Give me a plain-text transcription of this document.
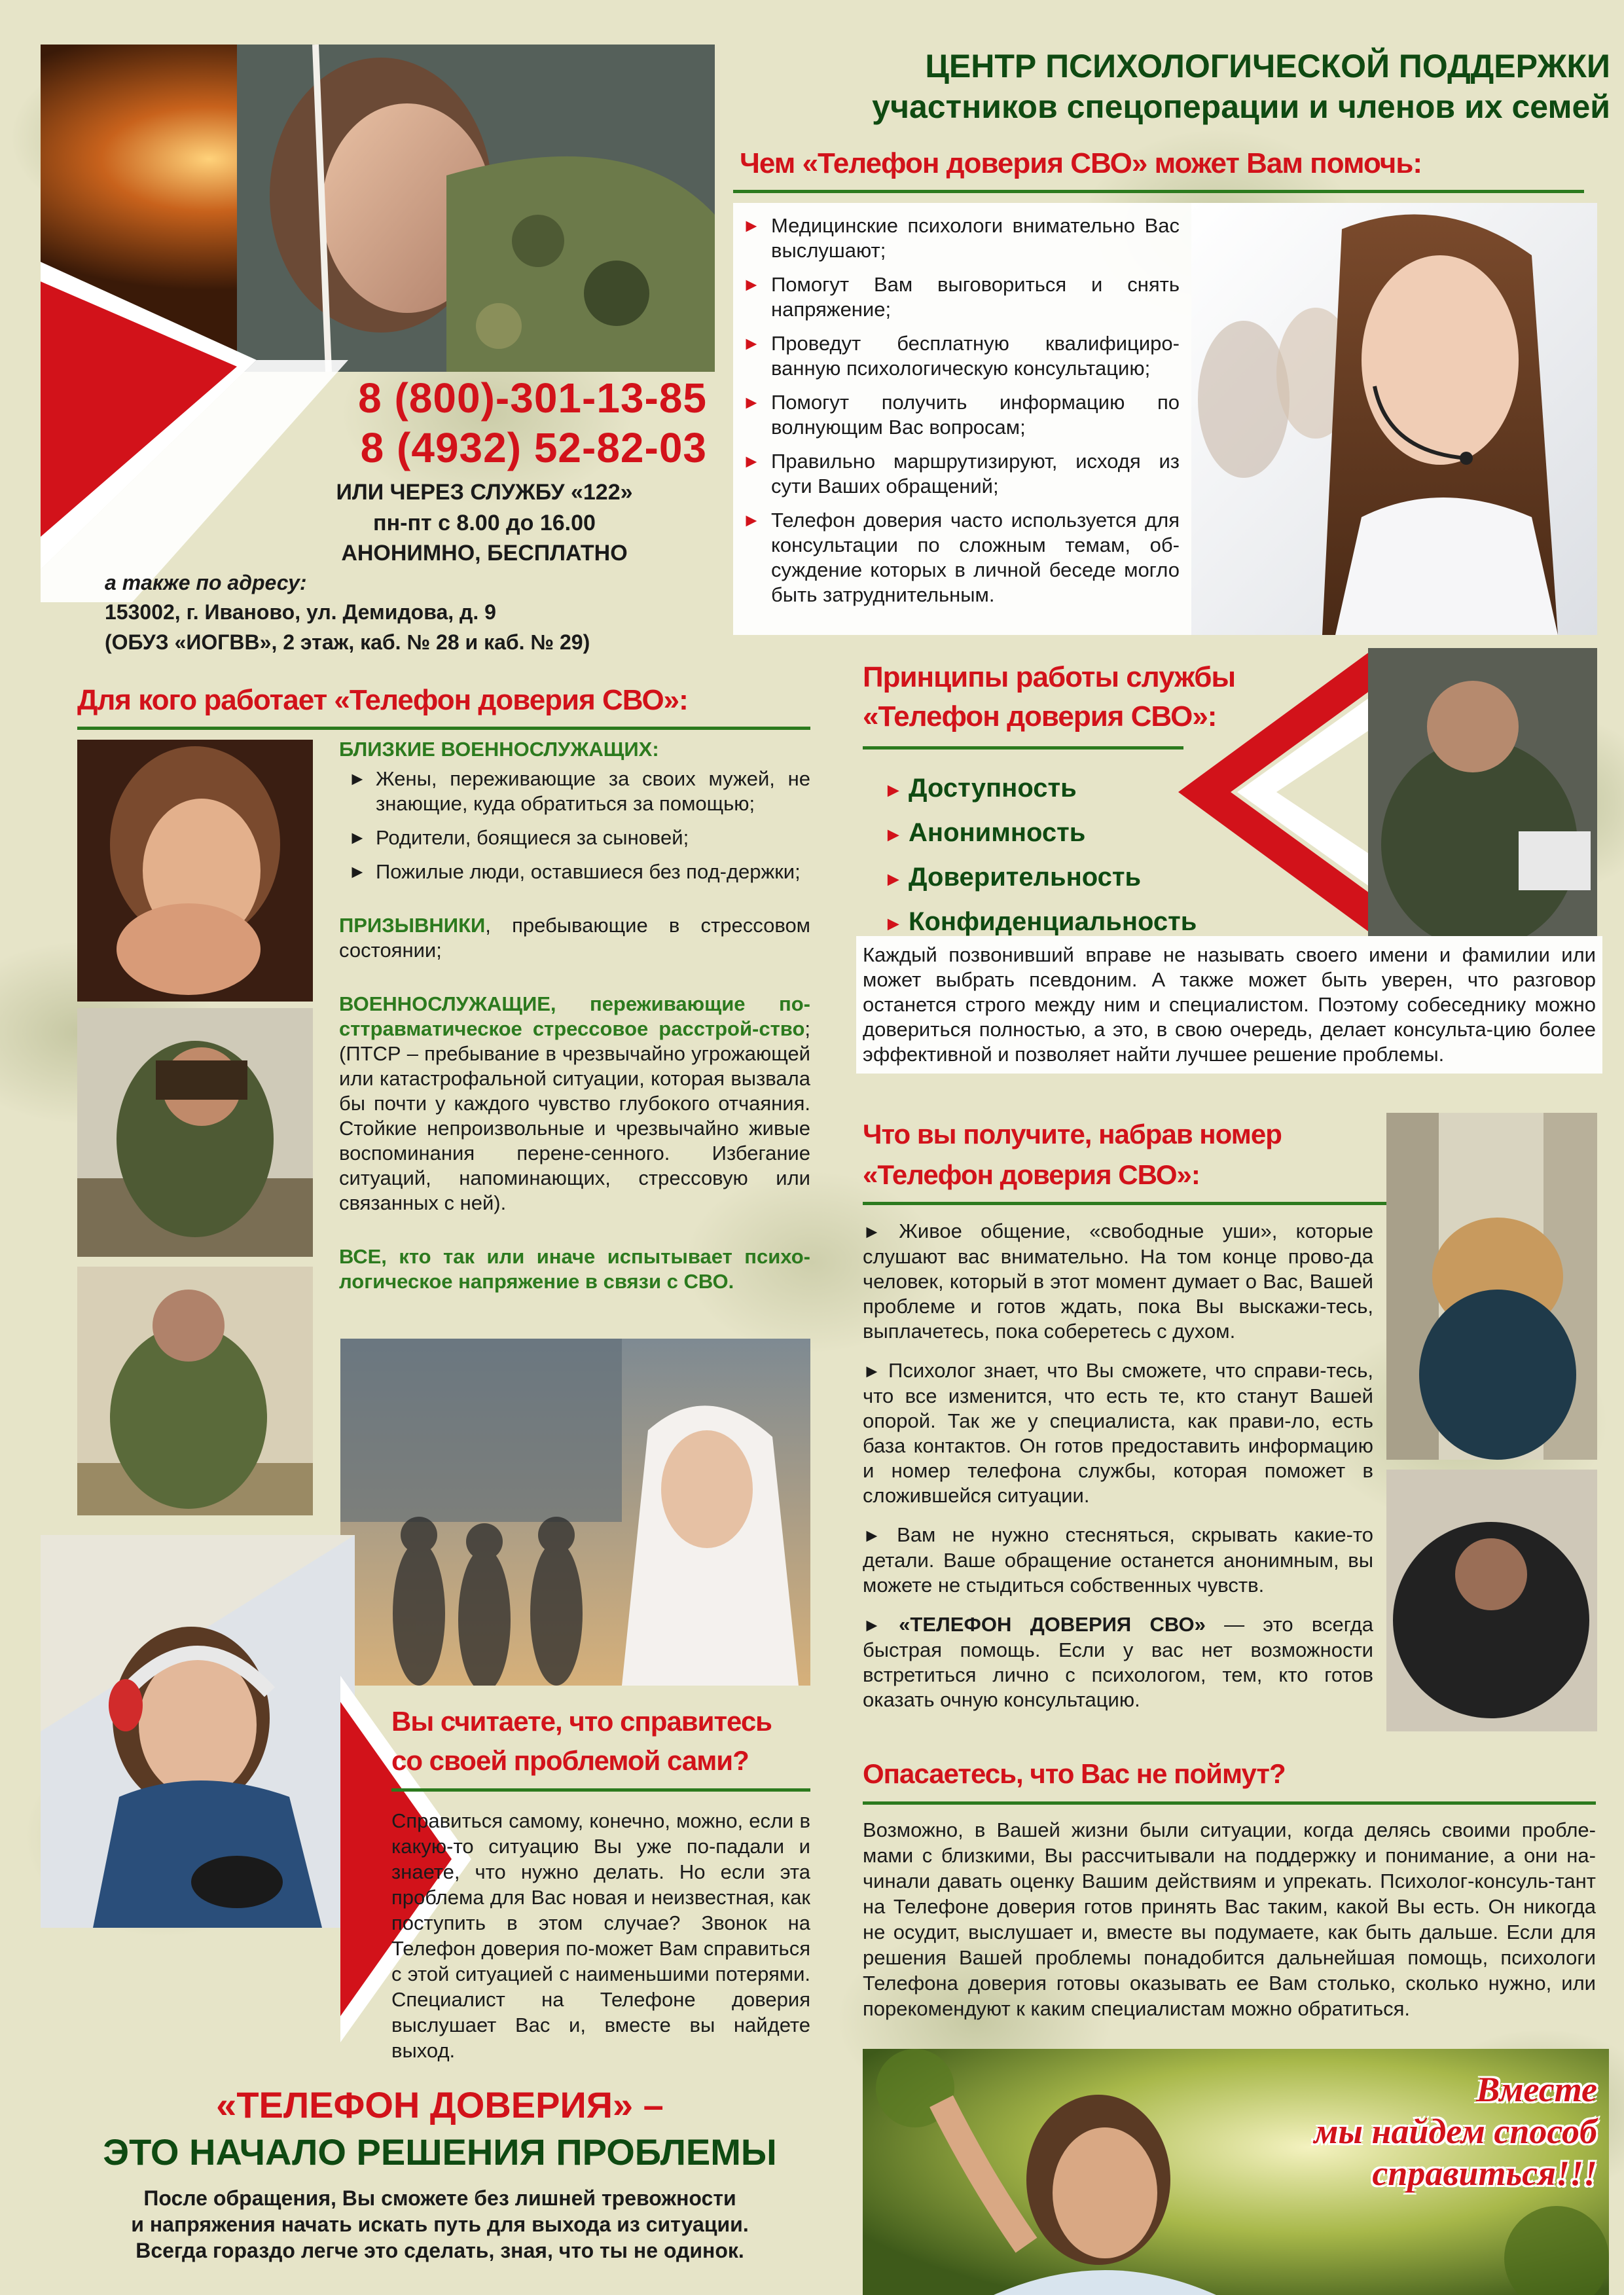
ЦЕНТР ПСИХОЛОГИЧЕСКОЙ ПОДДЕРЖКИ
участников спецоперации и членов их семей
8 (800)-301-13-85
8 (4932) 52-82-03
ИЛИ ЧЕРЕЗ СЛУЖБУ «122»
пн-пт с 8.00 до 16.00
АНОНИМНО, БЕСПЛАТНО
а также по адресу:
153002, г. Иваново, ул. Демидова, д. 9
(ОБУЗ «ИОГВВ», 2 этаж, каб. № 28 и каб. № 29)
Чем «Телефон доверия СВО» может Вам помочь:
► Медицинские психологи внимательно Вас выслушают;
► Помогут Вам выговориться и снять напряжение;
► Проведут бесплатную квалифициро-ванную психологическую консультацию;
► Помогут получить информацию по волнующим Вас вопросам;
► Правильно маршрутизируют, исходя из сути Ваших обращений;
► Телефон доверия часто используется для консультации по сложным темам, об-суждение которых в личной беседе могло быть затруднительным.
Для кого работает «Телефон доверия СВО»:
БЛИЗКИЕ ВОЕННОСЛУЖАЩИХ:
► Жены, переживающие за своих мужей, не знающие, куда обратиться за помощью;
► Родители, боящиеся за сыновей;
► Пожилые люди, оставшиеся без под-держки;
ПРИЗЫВНИКИ, пребывающие в стрессовом состоянии;
ВОЕННОСЛУЖАЩИЕ, переживающие по-сттравматическое стрессовое расстрой-ство; (ПТСР – пребывание в чрезвычайно угрожающей или катастрофальной ситуации, которая вызвала бы почти у каждого чувство глубокого отчаяния. Стойкие непроизвольные и чрезвычайно живые воспоминания перене-сенного. Избегание ситуаций, напоминающих, стрессовую или связанных с ней).
ВСЕ, кто так или иначе испытывает психо-логическое напряжение в связи с СВО.
Принципы работы службы
«Телефон доверия СВО»:
► Доступность
► Анонимность
► Доверительность
► Конфиденциальность
Каждый позвонивший вправе не называть своего имени и фамилии или может выбрать псевдоним. А также может быть уверен, что разговор останется строго между ним и специалистом. Поэтому собеседнику можно довериться полностью, а это, в свою очередь, делает консульта-цию более эффективной и позволяет найти лучшее решение проблемы.
Что вы получите, набрав номер
«Телефон доверия СВО»:
► Живое общение, «свободные уши», которые слушают вас внимательно. На том конце прово-да человек, который в этот момент думает о Вас, Вашей проблеме и готов ждать, пока Вы выскажи-тесь, выплачетесь, пока соберетесь с духом.
► Психолог знает, что Вы сможете, что справи-тесь, что все изменится, что есть те, кто станут Вашей опорой. Так же у специалиста, как прави-ло, есть база контактов. Он готов предоставить информацию и номер телефона службы, которая поможет в сложившейся ситуации.
► Вам не нужно стесняться, скрывать какие-то детали. Ваше обращение останется анонимным, вы можете не стыдиться собственных чувств.
► «ТЕЛЕФОН ДОВЕРИЯ СВО» — это всегда быстрая помощь. Если у вас нет возможности встретиться лично с психологом, тем, кто готов оказать очную консультацию.
Вы считаете, что справитесь
со своей проблемой сами?
Справиться самому, конечно, можно, если в какую-то ситуацию Вы уже по-падали и знаете, что нужно делать. Но если эта проблема для Вас новая и неизвестная, как поступить в этом случае? Звонок на Телефон доверия по-может Вам справиться с этой ситуацией с наименьшими потерями. Специалист на Телефоне доверия выслушает Вас и, вместе вы найдете выход.
Опасаетесь, что Вас не поймут?
Возможно, в Вашей жизни были ситуации, когда делясь своими пробле-мами с близкими, Вы рассчитывали на поддержку и понимание, а они на-чинали давать оценку Вашим действиям и упрекать. Психолог-консуль-тант на Телефоне доверия готов принять Вас таким, какой Вы есть. Он никогда не осудит, выслушает и, вместе вы подумаете, как быть дальше. Если для решения Вашей проблемы понадобится дальнейшая помощь, психологи Телефона доверия готовы оказывать ее Вам столько, сколько нужно, или порекомендуют к каким специалистам можно обратиться.
«ТЕЛЕФОН ДОВЕРИЯ» –
ЭТО НАЧАЛО РЕШЕНИЯ ПРОБЛЕМЫ
После обращения, Вы сможете без лишней тревожности
и напряжения начать искать путь для выхода из ситуации.
Всегда гораздо легче это сделать, зная, что ты не одинок.
Вместе
мы найдем способ
справиться!!!
